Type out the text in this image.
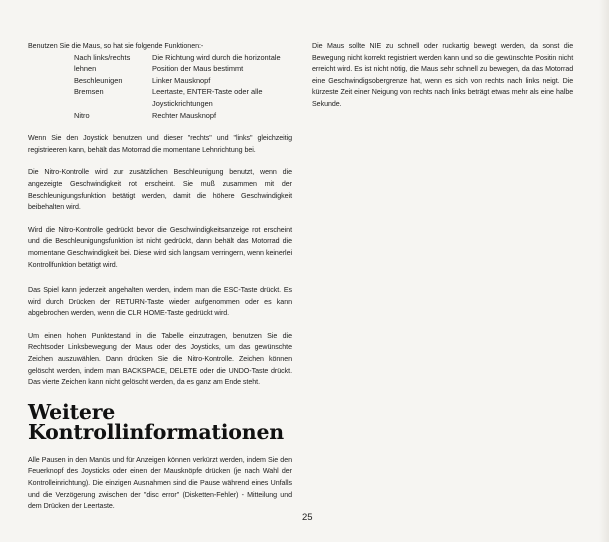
Benutzen Sie die Maus, so hat sie folgende Funktionen:-
Nach links/rechts	Die Richtung wird durch die horizontale
lehnen	Position der Maus bestimmt
Beschleunigen	Linker Mausknopf
Bremsen	Leertaste, ENTER-Taste oder alle
Joystickrichtungen
Nitro	Rechter Mausknopf

Wenn Sie den Joystick benutzen und dieser "rechts" und "links" gleichzeitig registrieeren kann, behält das Motorrad die momentane Lehnrichtung bei.

Die Nitro-Kontrolle wird zur zusätzlichen Beschleunigung benutzt, wenn die angezeigte Geschwindigkeit rot erscheint. Sie muß zusammen mit der Beschleunigungsfunktion betätigt werden, damit die höhere Geschwindigkeit beibehalten wird.

Wird die Nitro-Kontrolle gedrückt bevor die Geschwindigkeitsanzeige rot erscheint und die Beschleunigungsfunktion ist nicht gedrückt, dann behält das Motorrad die momentane Geschwindigkeit bei. Diese wird sich langsam verringern, wenn keinerlei Kontrollfunktion betätigt wird.

Das Spiel kann jederzeit angehalten werden, indem man die ESC-Taste drückt. Es wird durch Drücken der RETURN-Taste wieder aufgenommen oder es kann abgebrochen werden, wenn die CLR HOME-Taste gedrückt wird.

Um einen hohen Punktestand in die Tabelle einzutragen, benutzen Sie die Rechtsoder Linksbewegung der Maus oder des Joysticks, um das gewünschte Zeichen auszuwählen. Dann drücken Sie die Nitro-Kontrolle. Zeichen können gelöscht werden, indem man BACKSPACE, DELETE oder die UNDO-Taste drückt. Das vierte Zeichen kann nicht gelöscht werden, da es ganz am Ende steht.

Weitere
Kontrollinformationen

Alle Pausen in den Manüs und für Anzeigen können verkürzt werden, indem Sie den Feuerknopf des Joysticks oder einen der Mausknöpfe drücken (je nach Wahl der Kontrolleinrichtung). Die einzigen Ausnahmen sind die Pause während eines Unfalls und die Verzögerung zwischen der "disc error" (Disketten-Fehler) - Mitteilung und dem Drücken der Leertaste.

Die Maus sollte NIE zu schnell oder ruckartig bewegt werden, da sonst die Bewegung nicht korrekt registriert werden kann und so die gewünschte Positin nicht erreicht wird. Es ist nicht nötig, die Maus sehr schnell zu bewegen, da das Motorrad eine Geschwindigsobergrenze hat, wenn es sich von rechts nach links neigt. Die kürzeste Zeit einer Neigung von rechts nach links beträgt etwas mehr als eine halbe Sekunde.

25
